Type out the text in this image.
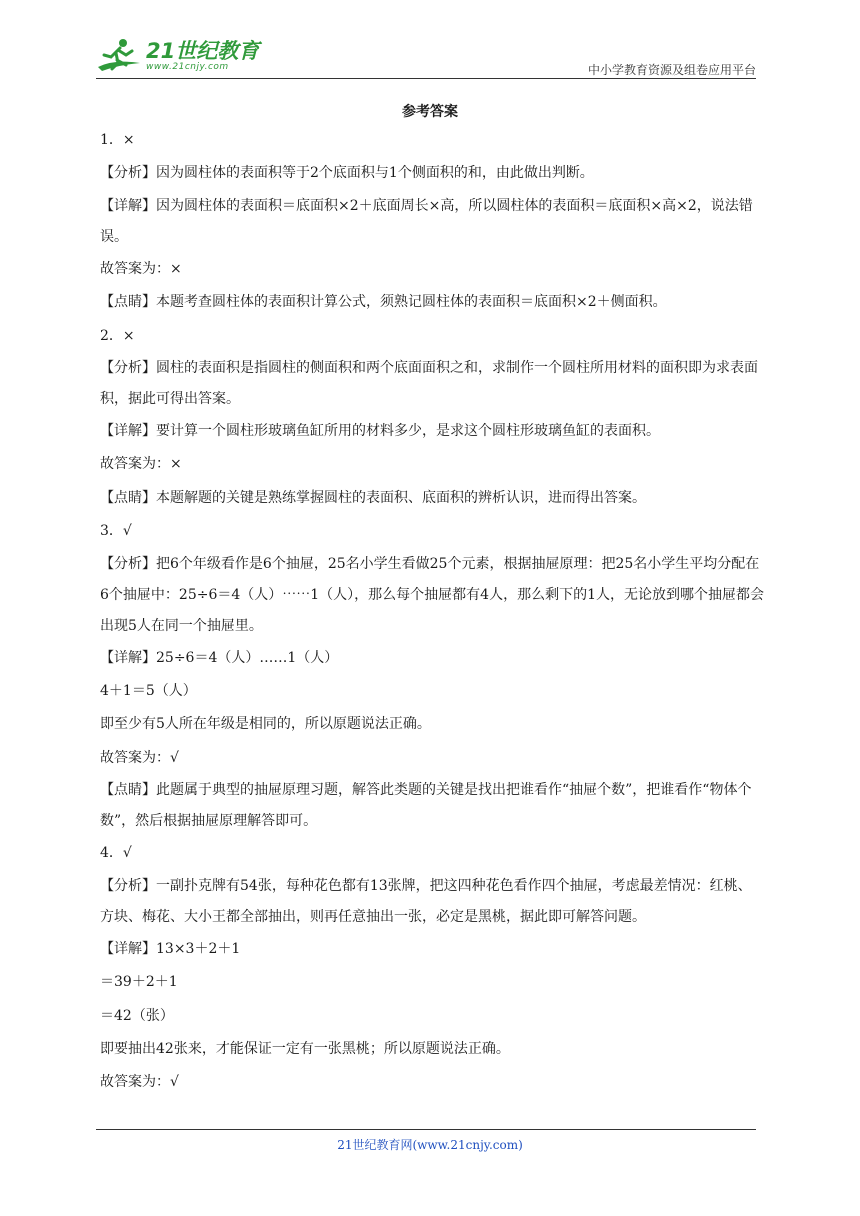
21世纪教育
www.21cnjy.com	中小学教育资源及组卷应用平台
参考答案

1．×

【分析】因为圆柱体的表面积等于2个底面积与1个侧面积的和，由此做出判断。

【详解】因为圆柱体的表面积＝底面积×2＋底面周长×高，所以圆柱体的表面积＝底面积×高×2，说法错误。

故答案为：×

【点睛】本题考查圆柱体的表面积计算公式，须熟记圆柱体的表面积＝底面积×2＋侧面积。

2．×

【分析】圆柱的表面积是指圆柱的侧面积和两个底面面积之和，求制作一个圆柱所用材料的面积即为求表面积，据此可得出答案。

【详解】要计算一个圆柱形玻璃鱼缸所用的材料多少，是求这个圆柱形玻璃鱼缸的表面积。

故答案为：×

【点睛】本题解题的关键是熟练掌握圆柱的表面积、底面积的辨析认识，进而得出答案。

3．√

【分析】把6个年级看作是6个抽屉，25名小学生看做25个元素，根据抽屉原理：把25名小学生平均分配在6个抽屉中：25÷6＝4（人）⋯⋯1（人），那么每个抽屉都有4人，那么剩下的1人，无论放到哪个抽屉都会出现5人在同一个抽屉里。

【详解】25÷6＝4（人）……1（人）

4＋1＝5（人）

即至少有5人所在年级是相同的，所以原题说法正确。

故答案为：√

【点睛】此题属于典型的抽屉原理习题，解答此类题的关键是找出把谁看作“抽屉个数”，把谁看作“物体个数”，然后根据抽屉原理解答即可。

4．√

【分析】一副扑克牌有54张，每种花色都有13张牌，把这四种花色看作四个抽屉，考虑最差情况：红桃、方块、梅花、大小王都全部抽出，则再任意抽出一张，必定是黑桃，据此即可解答问题。

【详解】13×3＋2＋1

＝39＋2＋1

＝42（张）

即要抽出42张来，才能保证一定有一张黑桃；所以原题说法正确。

故答案为：√

21世纪教育网(www.21cnjy.com)
